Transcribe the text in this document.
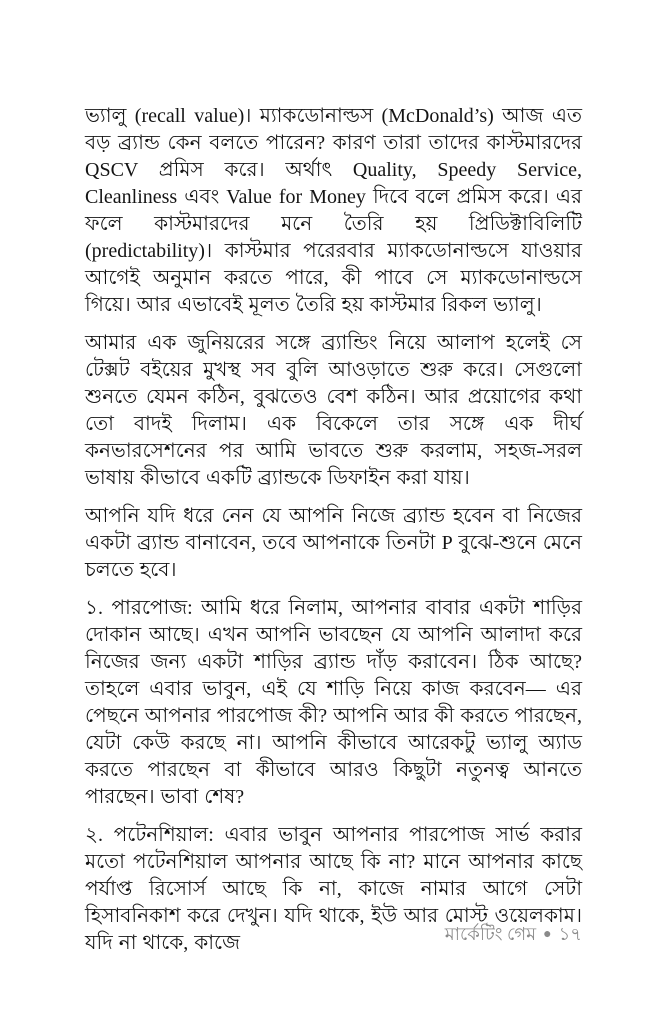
ভ্যালু (recall value)। ম্যাকডোনাল্ডস (McDonald’s) আজ এত বড় ব্র্যান্ড কেন বলতে পারেন? কারণ তারা তাদের কাস্টমারদের QSCV প্রমিস করে। অর্থাৎ Quality, Speedy Service, Cleanliness এবং Value for Money দিবে বলে প্রমিস করে। এর ফলে কাস্টমারদের মনে তৈরি হয় প্রিডিক্টাবিলিটি (predictability)। কাস্টমার পরেরবার ম্যাকডোনাল্ডসে যাওয়ার আগেই অনুমান করতে পারে, কী পাবে সে ম্যাকডোনাল্ডসে গিয়ে। আর এভাবেই মূলত তৈরি হয় কাস্টমার রিকল ভ্যালু।

আমার এক জুনিয়রের সঙ্গে ব্র্যান্ডিং নিয়ে আলাপ হলেই সে টেক্সট বইয়ের মুখস্থ সব বুলি আওড়াতে শুরু করে। সেগুলো শুনতে যেমন কঠিন, বুঝতেও বেশ কঠিন। আর প্রয়োগের কথা তো বাদই দিলাম। এক বিকেলে তার সঙ্গে এক দীর্ঘ কনভারসেশনের পর আমি ভাবতে শুরু করলাম, সহজ-সরল ভাষায় কীভাবে একটি ব্র্যান্ডকে ডিফাইন করা যায়।

আপনি যদি ধরে নেন যে আপনি নিজে ব্র্যান্ড হবেন বা নিজের একটা ব্র্যান্ড বানাবেন, তবে আপনাকে তিনটা P বুঝে-শুনে মেনে চলতে হবে।

১. পারপোজ: আমি ধরে নিলাম, আপনার বাবার একটা শাড়ির দোকান আছে। এখন আপনি ভাবছেন যে আপনি আলাদা করে নিজের জন্য একটা শাড়ির ব্র্যান্ড দাঁড় করাবেন। ঠিক আছে? তাহলে এবার ভাবুন, এই যে শাড়ি নিয়ে কাজ করবেন— এর পেছনে আপনার পারপোজ কী? আপনি আর কী করতে পারছেন, যেটা কেউ করছে না। আপনি কীভাবে আরেকটু ভ্যালু অ্যাড করতে পারছেন বা কীভাবে আরও কিছুটা নতুনত্ব আনতে পারছেন। ভাবা শেষ?

২. পটেনশিয়াল: এবার ভাবুন আপনার পারপোজ সার্ভ করার মতো পটেনশিয়াল আপনার আছে কি না? মানে আপনার কাছে পর্যাপ্ত রিসোর্স আছে কি না, কাজে নামার আগে সেটা হিসাবনিকাশ করে দেখুন। যদি থাকে, ইউ আর মোস্ট ওয়েলকাম। যদি না থাকে, কাজে	মার্কেটিং গেম ● ১৭
